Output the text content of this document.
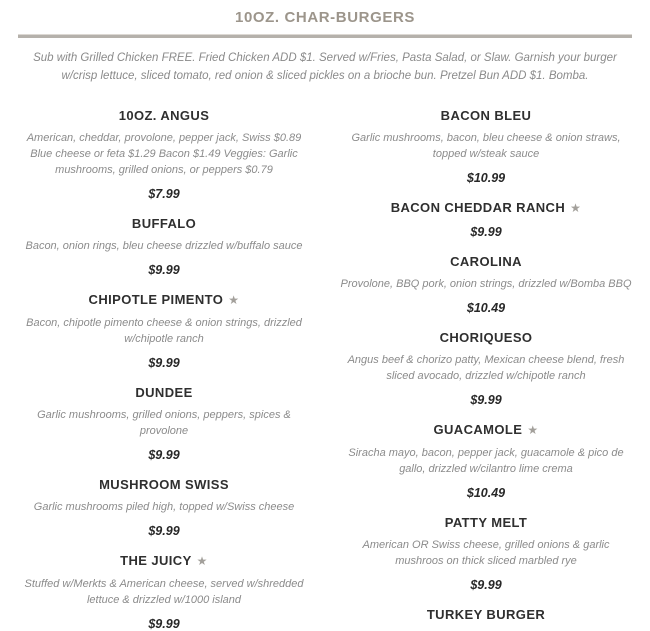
10OZ. CHAR-BURGERS

Sub with Grilled Chicken FREE. Fried Chicken ADD $1. Served w/Fries, Pasta Salad, or Slaw. Garnish your burger w/crisp lettuce, sliced tomato, red onion & sliced pickles on a brioche bun. Pretzel Bun ADD $1. Bomba.

10OZ. ANGUS

American, cheddar, provolone, pepper jack, Swiss $0.89 Blue cheese or feta $1.29 Bacon $1.49 Veggies: Garlic mushrooms, grilled onions, or peppers $0.79

$7.99

BUFFALO

Bacon, onion rings, bleu cheese drizzled w/buffalo sauce

$9.99

CHIPOTLE PIMENTO ★

Bacon, chipotle pimento cheese & onion strings, drizzled w/chipotle ranch

$9.99

DUNDEE

Garlic mushrooms, grilled onions, peppers, spices & provolone

$9.99

MUSHROOM SWISS

Garlic mushrooms piled high, topped w/Swiss cheese

$9.99

THE JUICY ★

Stuffed w/Merkts & American cheese, served w/shredded lettuce & drizzled w/1000 island

$9.99

BACON BLEU

Garlic mushrooms, bacon, bleu cheese & onion straws, topped w/steak sauce

$10.99

BACON CHEDDAR RANCH ★

$9.99

CAROLINA

Provolone, BBQ pork, onion strings, drizzled w/Bomba BBQ

$10.49

CHORIQUESO

Angus beef & chorizo patty, Mexican cheese blend, fresh sliced avocado, drizzled w/chipotle ranch

$9.99

GUACAMOLE ★

Siracha mayo, bacon, pepper jack, guacamole & pico de gallo, drizzled w/cilantro lime crema

$10.49

PATTY MELT

American OR Swiss cheese, grilled onions & garlic mushroos on thick sliced marbled rye

$9.99

TURKEY BURGER
